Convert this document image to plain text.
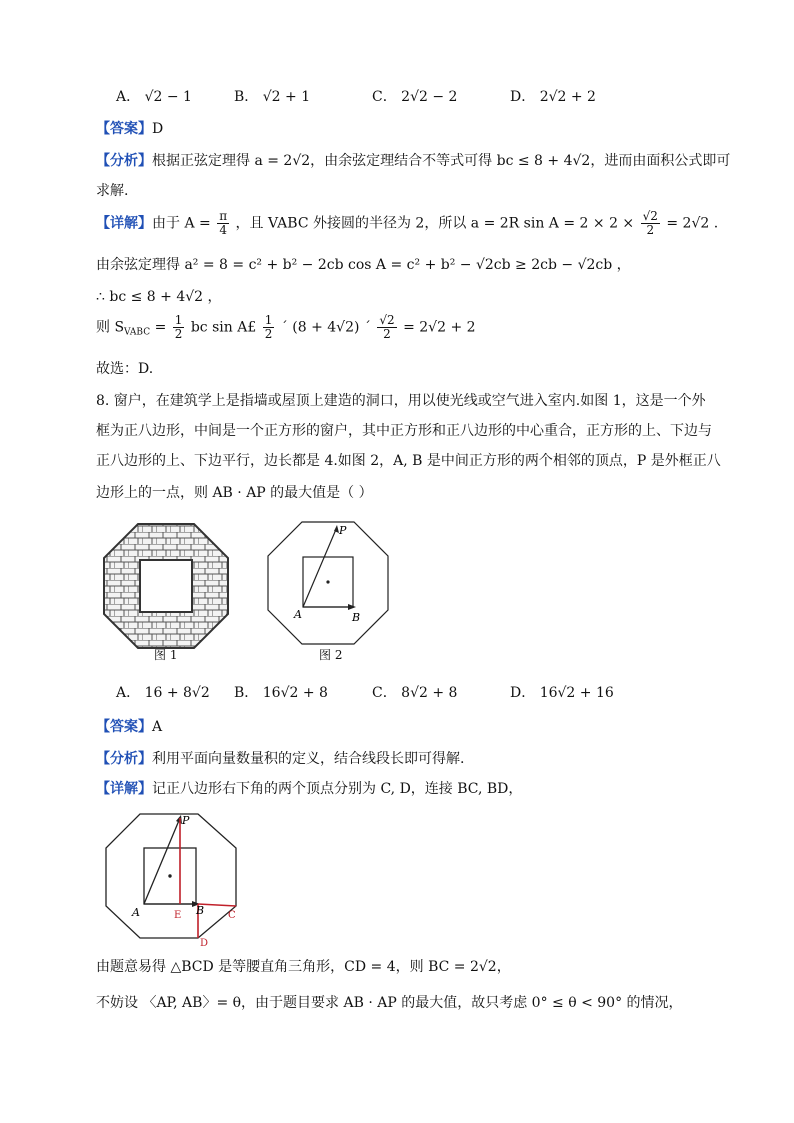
A． √2 − 1	B． √2 + 1	C． 2√2 − 2	D． 2√2 + 2
【答案】D
【分析】根据正弦定理得 a = 2√2，由余弦定理结合不等式可得 bc ≤ 8 + 4√2，进而由面积公式即可
求解.
【详解】由于 $A = \frac{\pi}{4}$ ，且 VABC 外接圆的半径为 2，所以 a = 2R $\sin A = 2 \times 2 \times \frac{√2}{2} = 2√2$ .
由余弦定理得 a² = 8 = c² + b² − 2cb cos A = c² + b² − √2cb ≥ 2cb − √2cb ，
∴ bc ≤ 8 + 4√2 ，
则 $S_{VABC} = \frac{1}{2}$ bc sin A£ $\frac{1}{2}$ ´ (8 + 4√2) ´ $\frac{√2}{2} = 2√2 + 2$
故选：D.
8. 窗户，在建筑学上是指墙或屋顶上建造的洞口，用以使光线或空气进入室内.如图 1，这是一个外
框为正八边形，中间是一个正方形的窗户，其中正方形和正八边形的中心重合，正方形的上、下边与
正八边形的上、下边平行，边长都是 4.如图 2，A, B 是中间正方形的两个相邻的顶点，P 是外框正八
边形上的一点，则 AB · AP 的最大值是（ ）
图 1
P
A	B
图 2
A． 16 + 8√2 B． 16√2 + 8	C． 8√2 + 8	D． 16√2 + 16
【答案】A
【分析】利用平面向量数量积的定义，结合线段长即可得解.
【详解】记正八边形右下角的两个顶点分别为 C, D，连接 BC, BD，
P
A	E B C
D
由题意易得 △BCD 是等腰直角三角形，CD = 4，则 BC = 2√2，
不妨设 〈AP, AB〉= θ，由于题目要求 AB · AP 的最大值，故只考虑 0° ≤ θ < 90° 的情况，
